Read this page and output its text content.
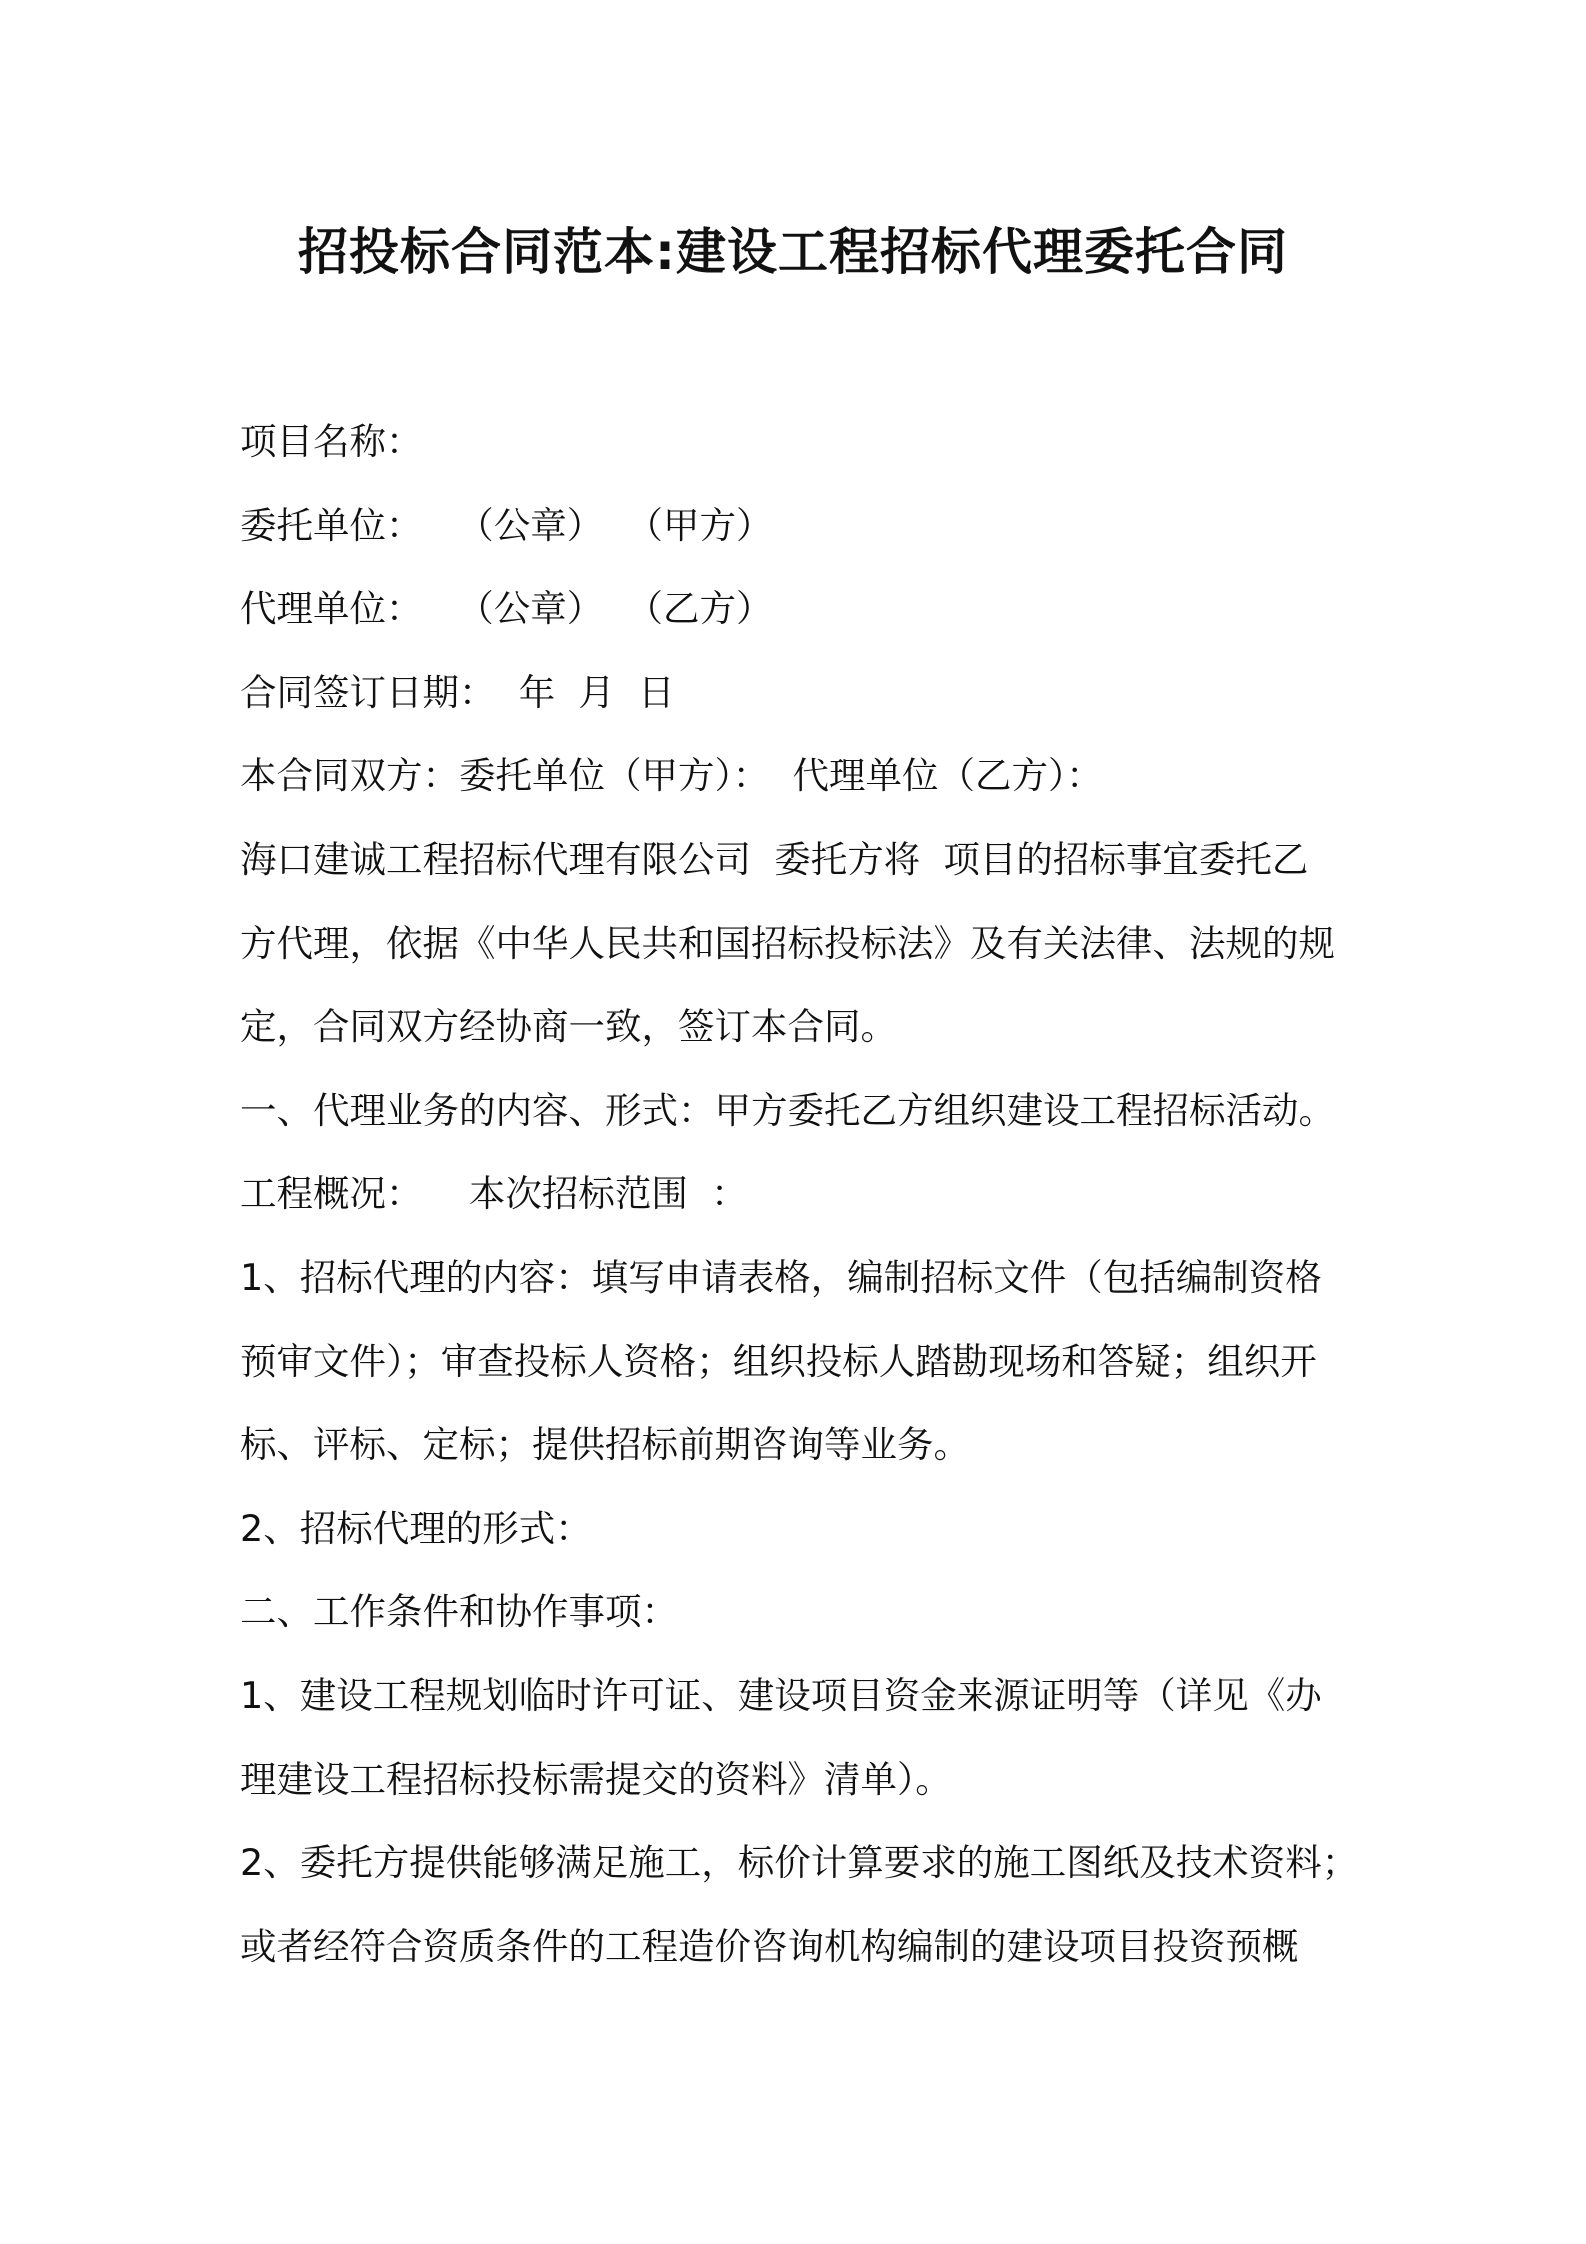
招投标合同范本:建设工程招标代理委托合同
项目名称：
委托单位：   （公章）  （甲方）
代理单位：   （公章）  （乙方）
合同签订日期：  年  月  日
本合同双方：委托单位（甲方）：  代理单位（乙方）：
海口建诚工程招标代理有限公司  委托方将  项目的招标事宜委托乙
方代理，依据《中华人民共和国招标投标法》及有关法律、法规的规
定，合同双方经协商一致，签订本合同。
一、代理业务的内容、形式：甲方委托乙方组织建设工程招标活动。
工程概况：    本次招标范围  ：
1、招标代理的内容：填写申请表格，编制招标文件（包括编制资格
预审文件）；审查投标人资格；组织投标人踏勘现场和答疑；组织开
标、评标、定标；提供招标前期咨询等业务。
2、招标代理的形式：
二、工作条件和协作事项：
1、建设工程规划临时许可证、建设项目资金来源证明等（详见《办
理建设工程招标投标需提交的资料》清单）。
2、委托方提供能够满足施工，标价计算要求的施工图纸及技术资料；
或者经符合资质条件的工程造价咨询机构编制的建设项目投资预概
